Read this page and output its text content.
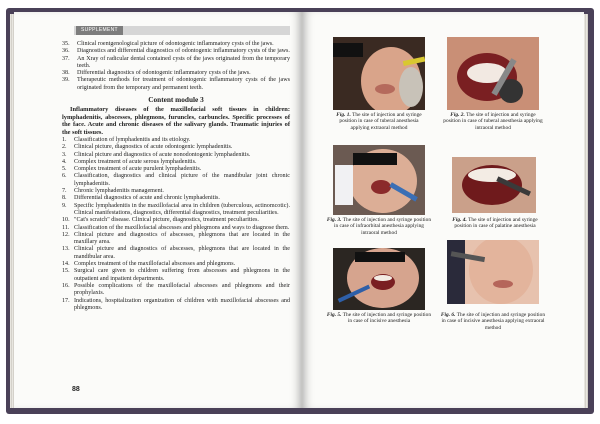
SUPPLEMENT
35. Clinical roentgenological picture of odontogenic inflammatory cysts of the jaws.
36. Diagnostics and differential diagnostics of odontogenic inflammatory cysts of the jaws.
37. An Xray of radicular dental contained cysts of the jaws originated from the temporary teeth.
38. Differential diagnostics of odontogenic inflammatory cysts of the jaws.
39. Therapeutic methods for treatment of odontogenic inflammatory cysts of the jaws originated from the temporary and permanent teeth.
Content module 3
Inflammatory diseases of the maxillofacial soft tissues in children: lymphadenitis, abscesses, phlegmons, furuncles, carbuncles. Specific processes of the face. Acute and chronic diseases of the salivary glands. Traumatic injuries of the soft tissues.
1. Classification of lymphadenitis and its etiology.
2. Clinical picture, diagnostics of acute odontogenic lymphadenitis.
3. Clinical picture and diagnostics of acute nonodontogenic lymphadenitis.
4. Complex treatment of acute serous lymphadenitis.
5. Complex treatment of acute purulent lymphadenitis.
6. Classification, diagnostics and clinical picture of the mandibular joint chronic lymphadenitis.
7. Chronic lymphadenitis management.
8. Differential diagnostics of acute and chronic lymphadenitis.
9. Specific lymphadenitis in the maxillofacial area in children (tuberculous, actinomcotic). Clinical manifestations, diagnostics, differential diagnostics, treatment peculiarities.
10. "Cat's scratch" disease. Clinical picture, diagnostics, treatment peculiarities.
11. Classification of the maxillofacial abscesses and phlegmons and ways to diagnose them.
12. Clinical picture and diagnostics of abscesses, phlegmons that are located in the maxillary area.
13. Clinical picture and diagnostics of abscesses, phlegmons that are located in the mandibular area.
14. Complex treatment of the maxillofacial abscesses and phlegmons.
15. Surgical care given to children suffering from abscesses and phlegmons in the outpatient and inpatient departments.
16. Possible complications of the maxillofacial abscesses and phlegmons and their prophylaxis.
17. Indications, hospitalization organization of children with maxillofacial abscesses and phlegmons.
88
Fig. 1. The site of injection and syringe position in case of tuberal anesthesia applying extraoral method
Fig. 2. The site of injection and syringe position in case of tuberal anesthesia applying intraoral method
Fig. 3. The site of injection and syringe position in case of infraorbital anesthesia applying intraoral method
Fig. 4. The site of injection and syringe position in case of palatine anesthesia
Fig. 5. The site of injection and syringe position in case of incisive anesthesia
Fig. 6. The site of injection and syringe position in case of incisive anesthesia applying extraoral method
